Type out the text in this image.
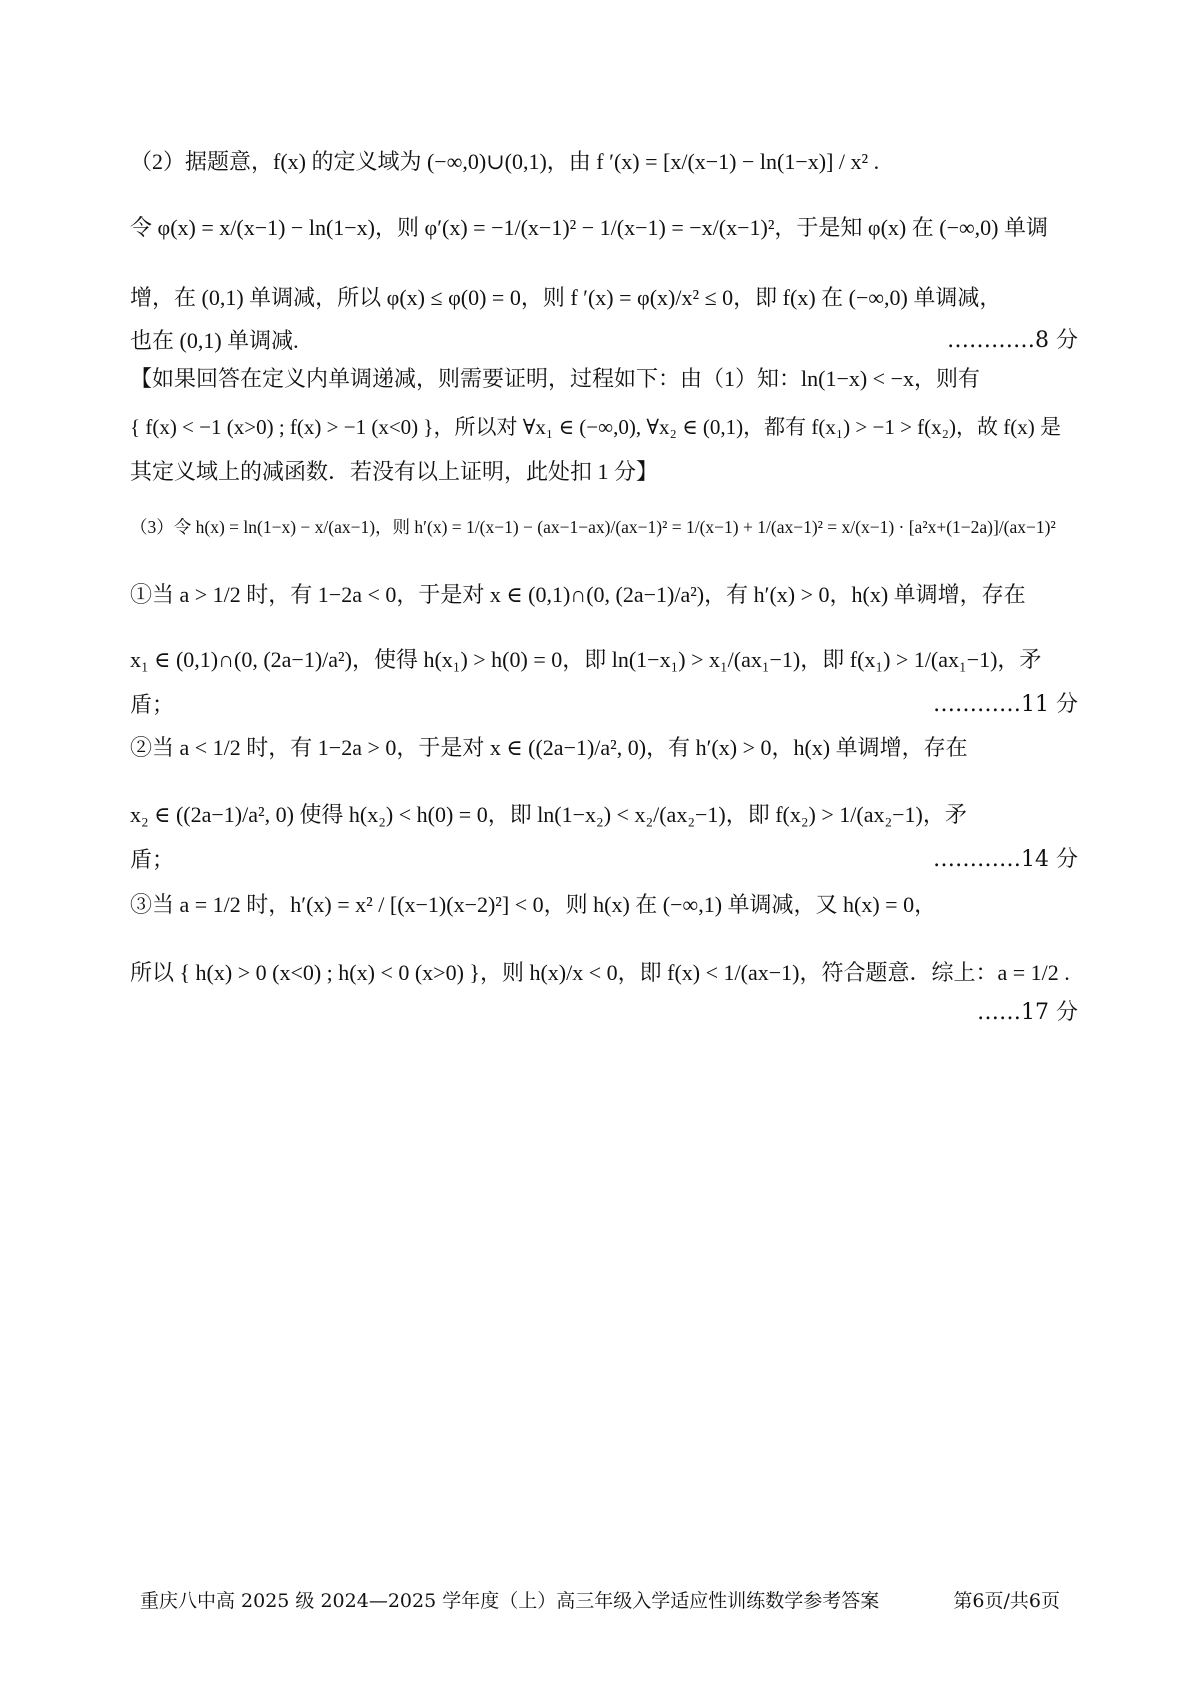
（2）据题意，f(x) 的定义域为 (−∞,0)∪(0,1)，由 f ′(x) = [x/(x−1) − ln(1−x)] / x² .
令 φ(x) = x/(x−1) − ln(1−x)，则 φ′(x) = −1/(x−1)² − 1/(x−1) = −x/(x−1)²，于是知 φ(x) 在 (−∞,0) 单调
增，在 (0,1) 单调减，所以 φ(x) ≤ φ(0) = 0，则 f ′(x) = φ(x)/x² ≤ 0，即 f(x) 在 (−∞,0) 单调减，
也在 (0,1) 单调减.	…………8 分
【如果回答在定义内单调递减，则需要证明，过程如下：由（1）知：ln(1−x) < −x，则有
{ f(x) < −1 (x>0) ; f(x) > −1 (x<0) }，所以对 ∀x₁ ∈ (−∞,0), ∀x₂ ∈ (0,1)，都有 f(x₁) > −1 > f(x₂)，故 f(x) 是
其定义域上的减函数．若没有以上证明，此处扣 1 分】
（3）令 h(x) = ln(1−x) − x/(ax−1)，则 h′(x) = 1/(x−1) − (ax−1−ax)/(ax−1)² = 1/(x−1) + 1/(ax−1)² = x/(x−1) · [a²x+(1−2a)]/(ax−1)²
①当 a > 1/2 时，有 1−2a < 0，于是对 x ∈ (0,1)∩(0, (2a−1)/a²)，有 h′(x) > 0，h(x) 单调增，存在
x₁ ∈ (0,1)∩(0, (2a−1)/a²)，使得 h(x₁) > h(0) = 0，即 ln(1−x₁) > x₁/(ax₁−1)，即 f(x₁) > 1/(ax₁−1)，矛
盾；	…………11 分
②当 a < 1/2 时，有 1−2a > 0，于是对 x ∈ ((2a−1)/a², 0)，有 h′(x) > 0，h(x) 单调增，存在
x₂ ∈ ((2a−1)/a², 0) 使得 h(x₂) < h(0) = 0，即 ln(1−x₂) < x₂/(ax₂−1)，即 f(x₂) > 1/(ax₂−1)，矛
盾；	…………14 分
③当 a = 1/2 时，h′(x) = x² / [(x−1)(x−2)²] < 0，则 h(x) 在 (−∞,1) 单调减，又 h(x) = 0，
所以 { h(x) > 0 (x<0) ; h(x) < 0 (x>0) }，则 h(x)/x < 0，即 f(x) < 1/(ax−1)，符合题意．综上：a = 1/2 .
……17 分
重庆八中高 2025 级 2024—2025 学年度（上）高三年级入学适应性训练数学参考答案	第6页/共6页
